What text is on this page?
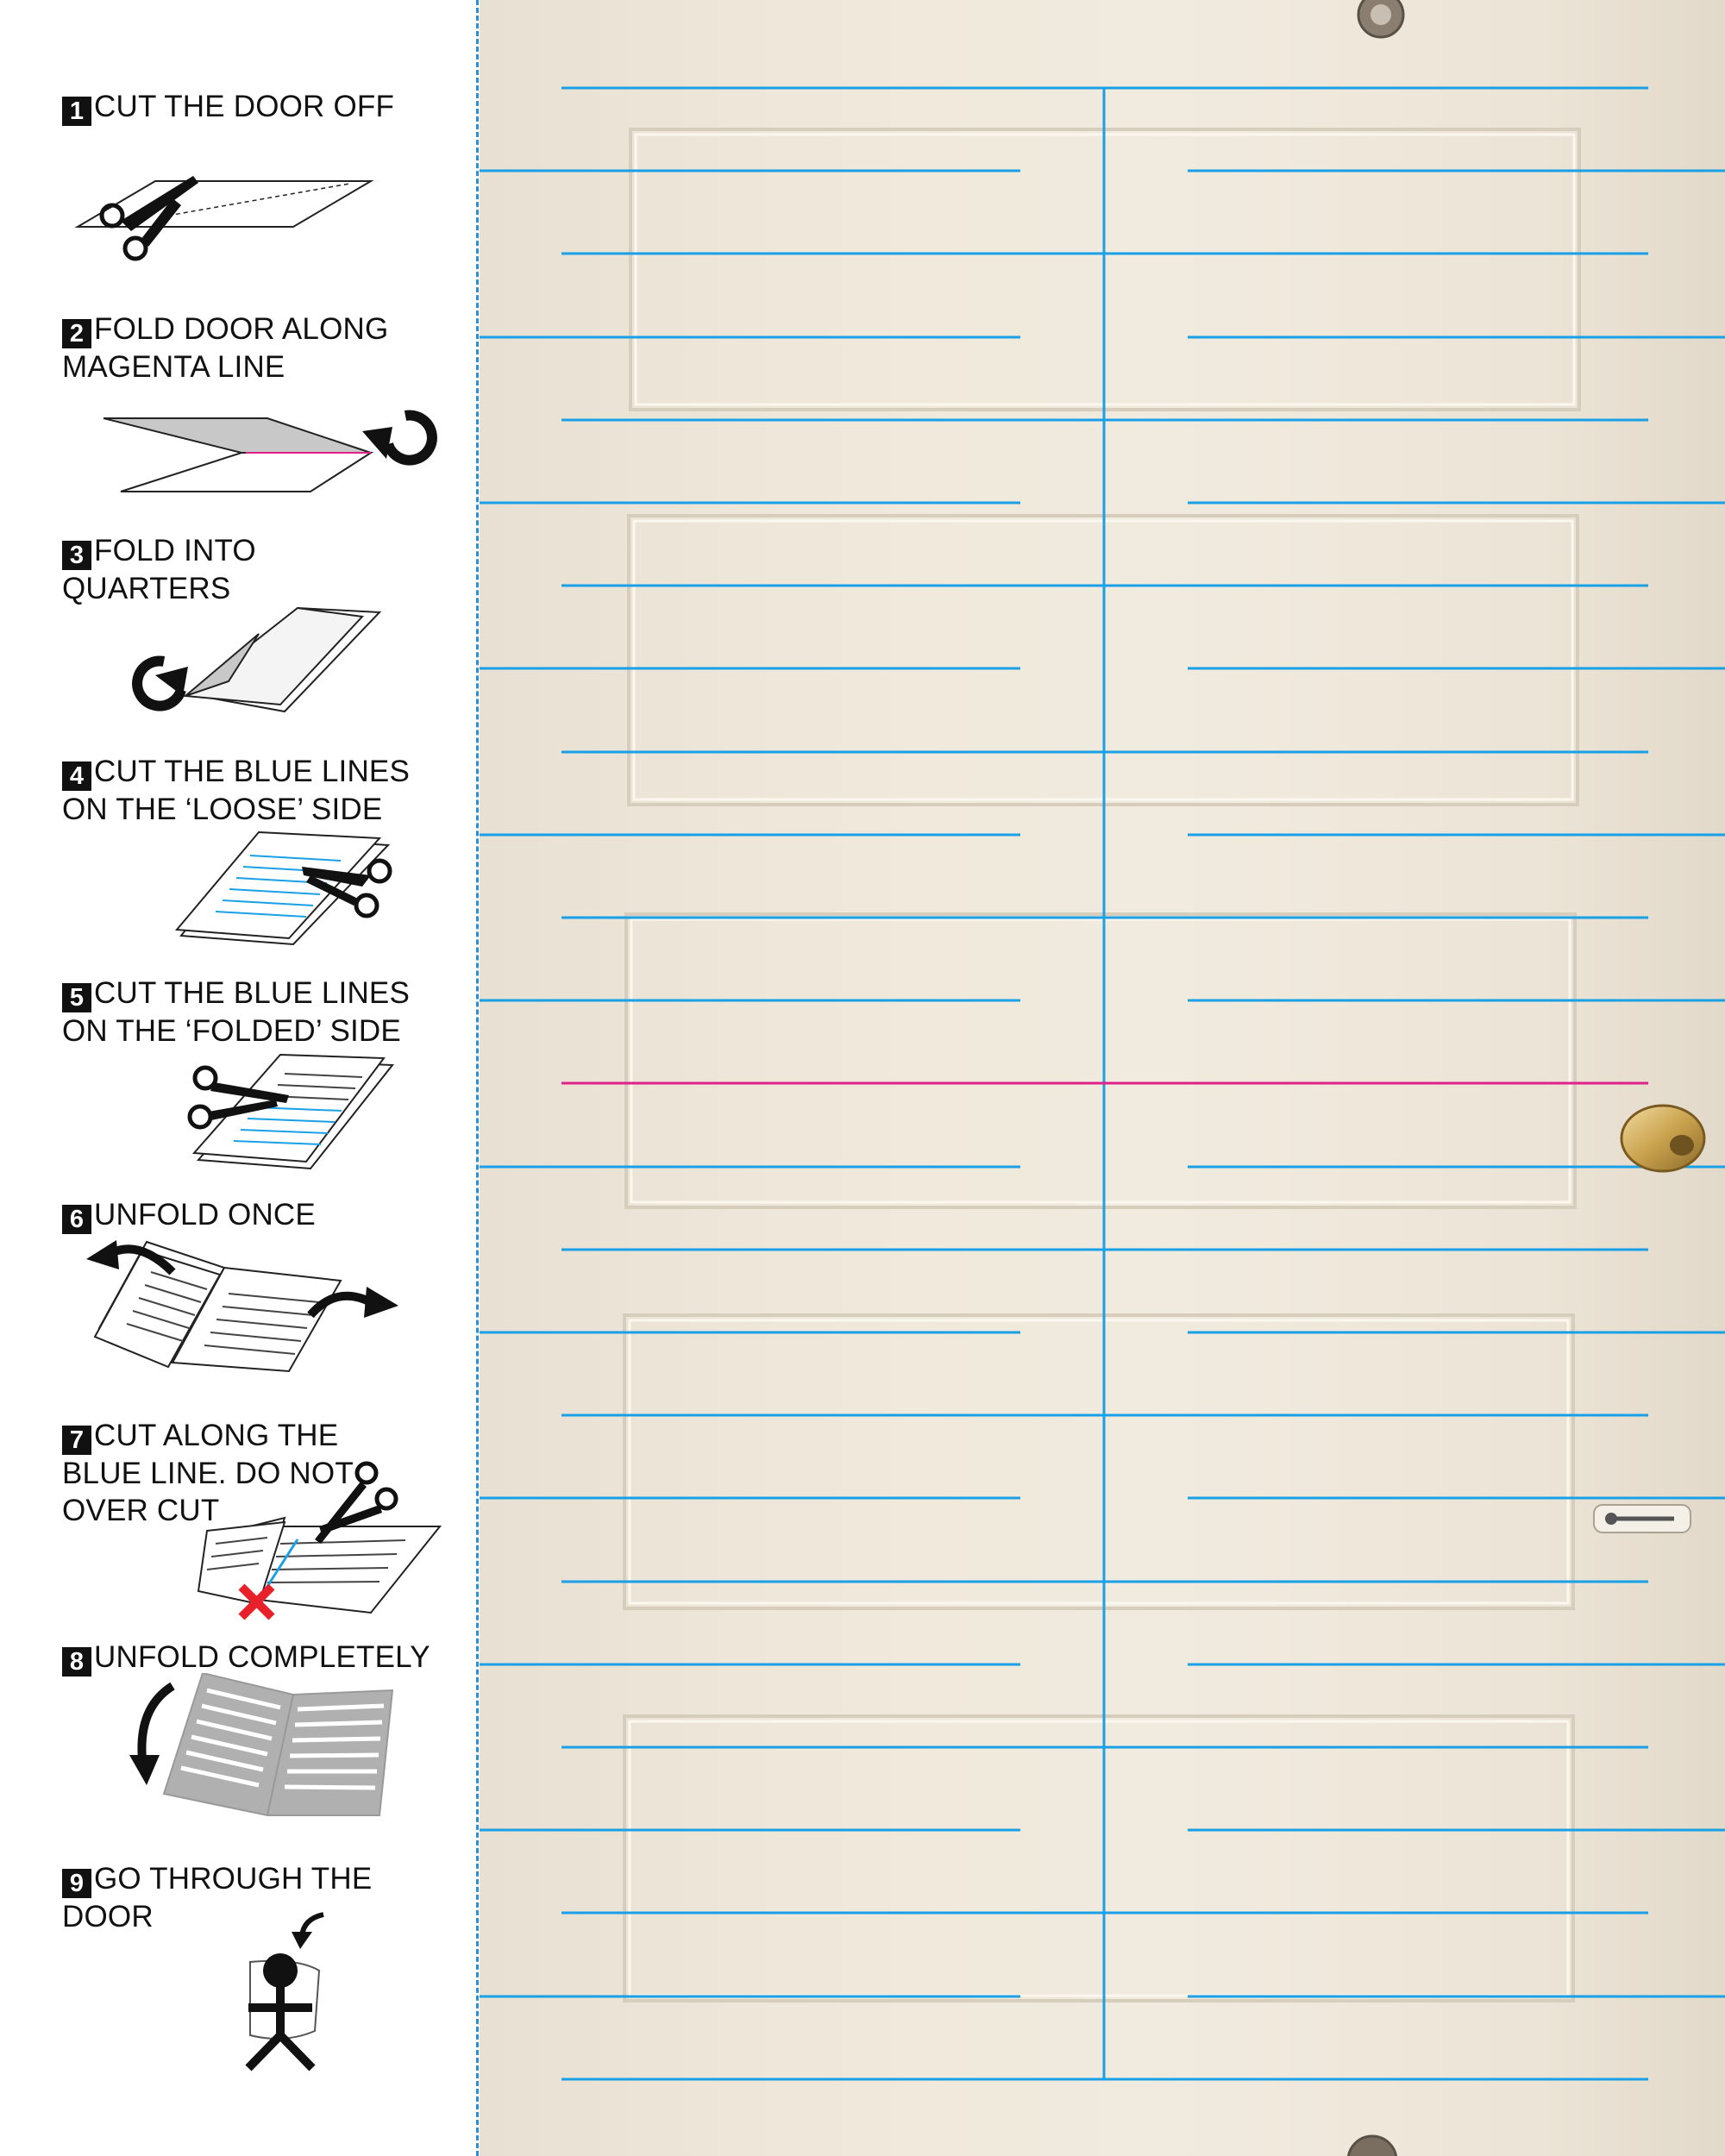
1 CUT THE DOOR OFF
2 FOLD DOOR ALONG
MAGENTA LINE
3 FOLD INTO
QUARTERS
4 CUT THE BLUE LINES
ON THE ‘LOOSE’ SIDE
5 CUT THE BLUE LINES
ON THE ‘FOLDED’ SIDE
6 UNFOLD ONCE
7 CUT ALONG THE
BLUE LINE. DO NOT
OVER CUT
8 UNFOLD COMPLETELY
9 GO THROUGH THE
DOOR
